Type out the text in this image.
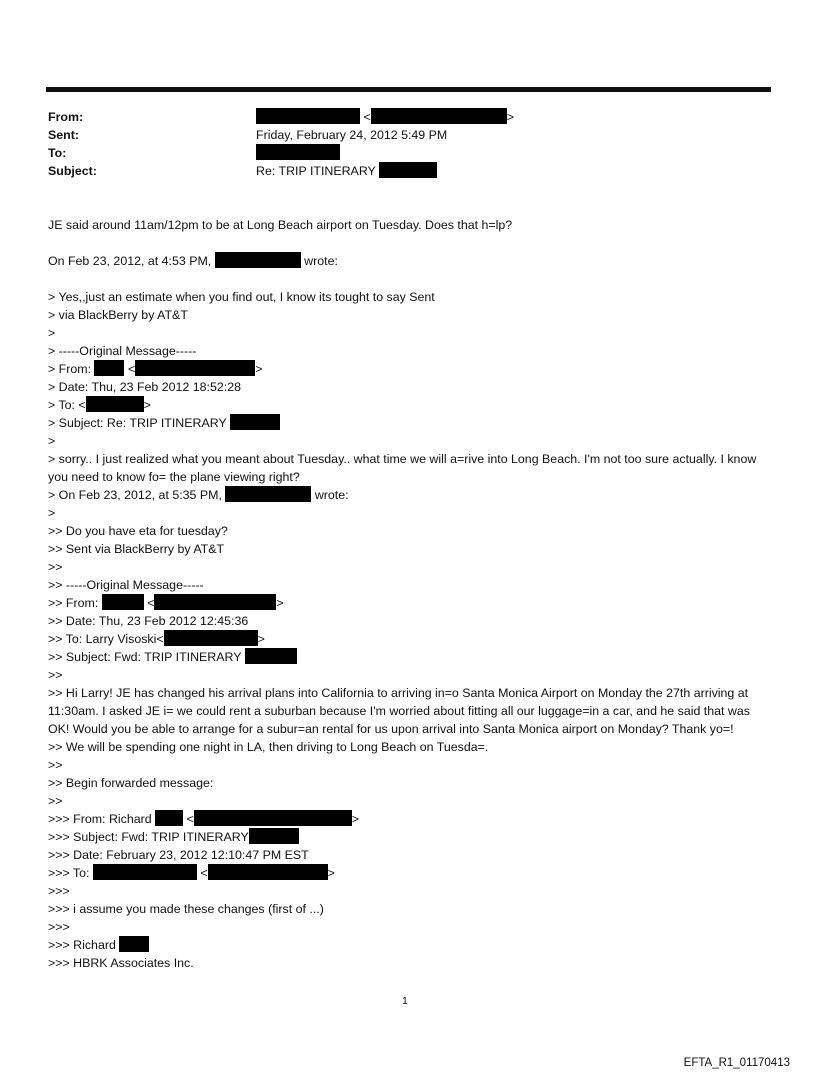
From:	<	>
Sent:	Friday, February 24, 2012 5:49 PM
To:
Subject:	Re: TRIP ITINERARY
JE said around 11am/12pm to be at Long Beach airport on Tuesday. Does that h=lp?
On Feb 23, 2012, at 4:53 PM,	wrote:
> Yes,,just an estimate when you find out, I know its tought to say Sent
> via BlackBerry by AT&T
>
> -----Original Message-----
> From:	<	>
> Date: Thu, 23 Feb 2012 18:52:28
> To: <	>
> Subject: Re: TRIP ITINERARY
>
> sorry.. I just realized what you meant about Tuesday.. what time we will a=rive into Long Beach. I'm not too sure actually. I know you need to know fo= the plane viewing right?
> On Feb 23, 2012, at 5:35 PM,	wrote:
>
>> Do you have eta for tuesday?
>> Sent via BlackBerry by AT&T
>>
>> -----Original Message-----
>> From:	<	>
>> Date: Thu, 23 Feb 2012 12:45:36
>> To: Larry Visoski<	>
>> Subject: Fwd: TRIP ITINERARY
>>
>> Hi Larry! JE has changed his arrival plans into California to arriving in=o Santa Monica Airport on Monday the 27th arriving at 11:30am. I asked JE i= we could rent a suburban because I'm worried about fitting all our luggage=in a car, and he said that was OK! Would you be able to arrange for a subur=an rental for us upon arrival into Santa Monica airport on Monday? Thank yo=!
>> We will be spending one night in LA, then driving to Long Beach on Tuesda=.
>>
>> Begin forwarded message:
>>
>>> From: Richard	<	>
>>> Subject: Fwd: TRIP ITINERARY
>>> Date: February 23, 2012 12:10:47 PM EST
>>> To:	<	>
>>>
>>> i assume you made these changes (first of ...)
>>>
>>> Richard
>>> HBRK Associates Inc.
1
EFTA_R1_01170413
